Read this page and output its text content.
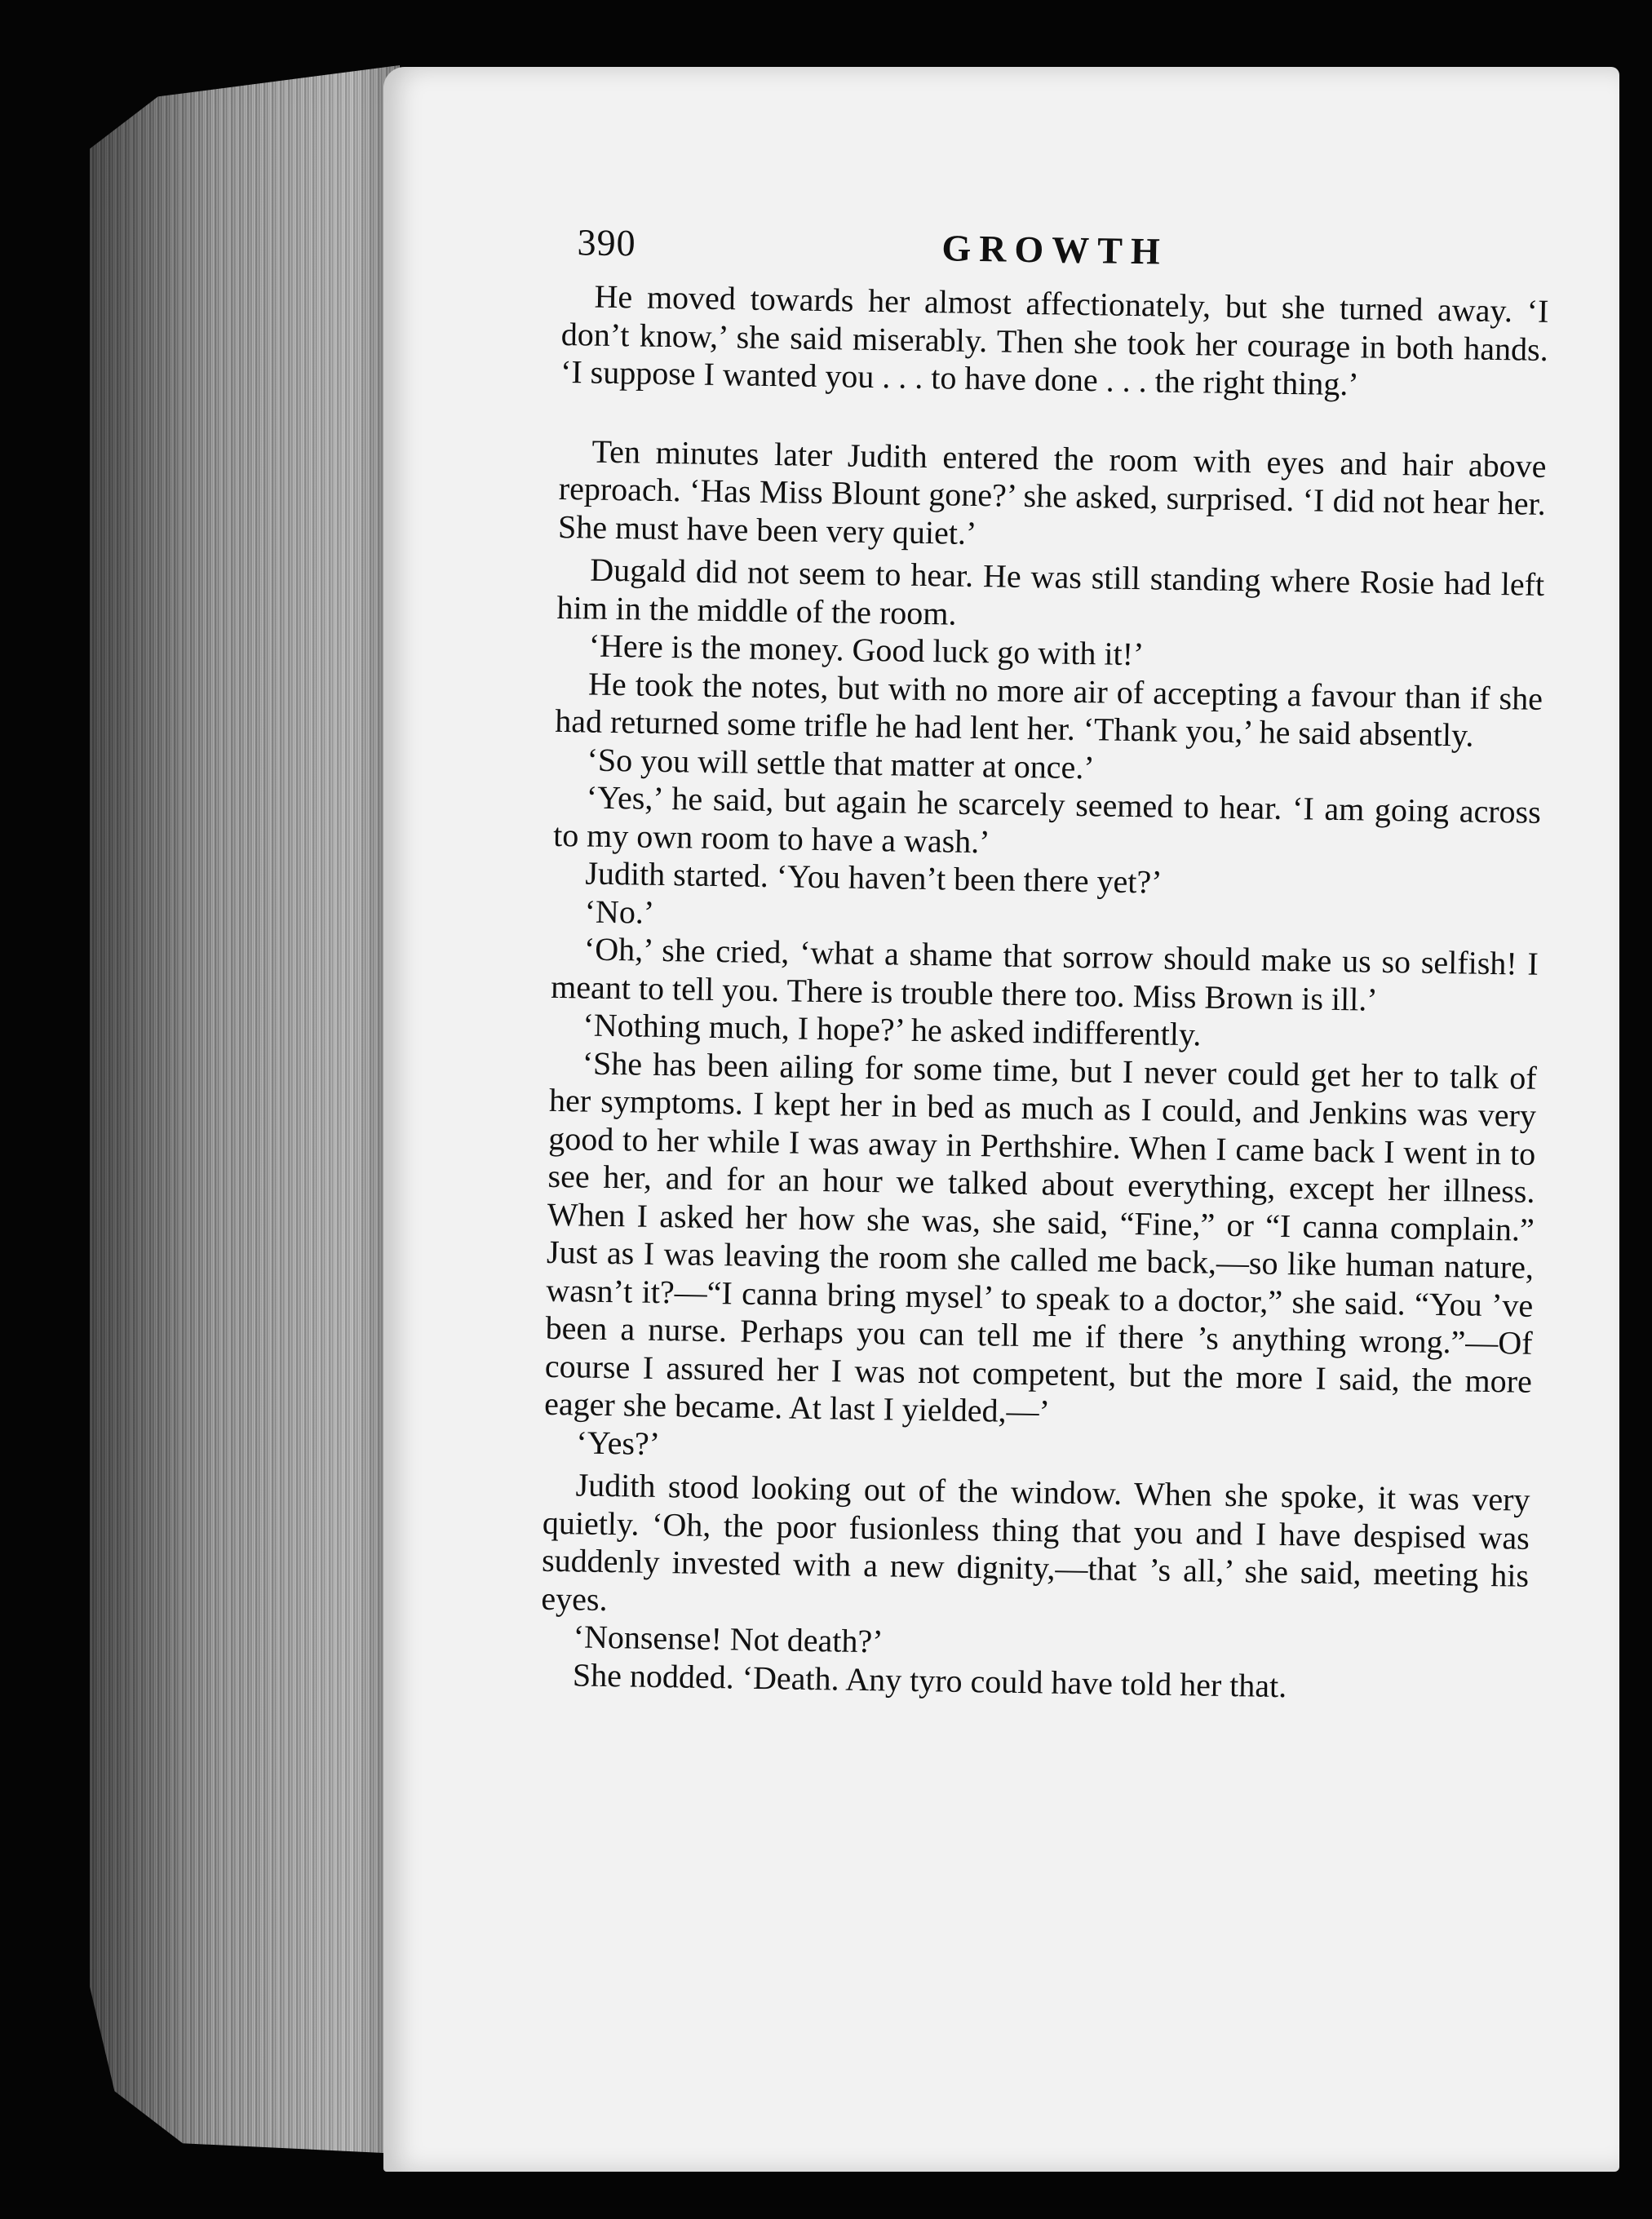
390	GROWTH

He moved towards her almost affectionately, but she turned away. ‘I don’t know,’ she said miserably. Then she took her courage in both hands. ‘I suppose I wanted you . . . to have done . . . the right thing.’

Ten minutes later Judith entered the room with eyes and hair above reproach. ‘Has Miss Blount gone?’ she asked, surprised. ‘I did not hear her. She must have been very quiet.’

Dugald did not seem to hear. He was still standing where Rosie had left him in the middle of the room.

‘Here is the money. Good luck go with it!’

He took the notes, but with no more air of accepting a favour than if she had returned some trifle he had lent her. ‘Thank you,’ he said absently.

‘So you will settle that matter at once.’

‘Yes,’ he said, but again he scarcely seemed to hear. ‘I am going across to my own room to have a wash.’

Judith started. ‘You haven’t been there yet?’

‘No.’

‘Oh,’ she cried, ‘what a shame that sorrow should make us so selfish! I meant to tell you. There is trouble there too. Miss Brown is ill.’

‘Nothing much, I hope?’ he asked indifferently.

‘She has been ailing for some time, but I never could get her to talk of her symptoms. I kept her in bed as much as I could, and Jenkins was very good to her while I was away in Perthshire. When I came back I went in to see her, and for an hour we talked about everything, except her illness. When I asked her how she was, she said, “Fine,” or “I canna complain.” Just as I was leaving the room she called me back,—so like human nature, wasn’t it?—“I canna bring mysel’ to speak to a doctor,” she said. “You ’ve been a nurse. Perhaps you can tell me if there ’s anything wrong.”—Of course I assured her I was not competent, but the more I said, the more eager she became. At last I yielded,—’

‘Yes?’

Judith stood looking out of the window. When she spoke, it was very quietly. ‘Oh, the poor fusionless thing that you and I have despised was suddenly invested with a new dignity,—that ’s all,’ she said, meeting his eyes.

‘Nonsense! Not death?’

She nodded. ‘Death. Any tyro could have told her that.
